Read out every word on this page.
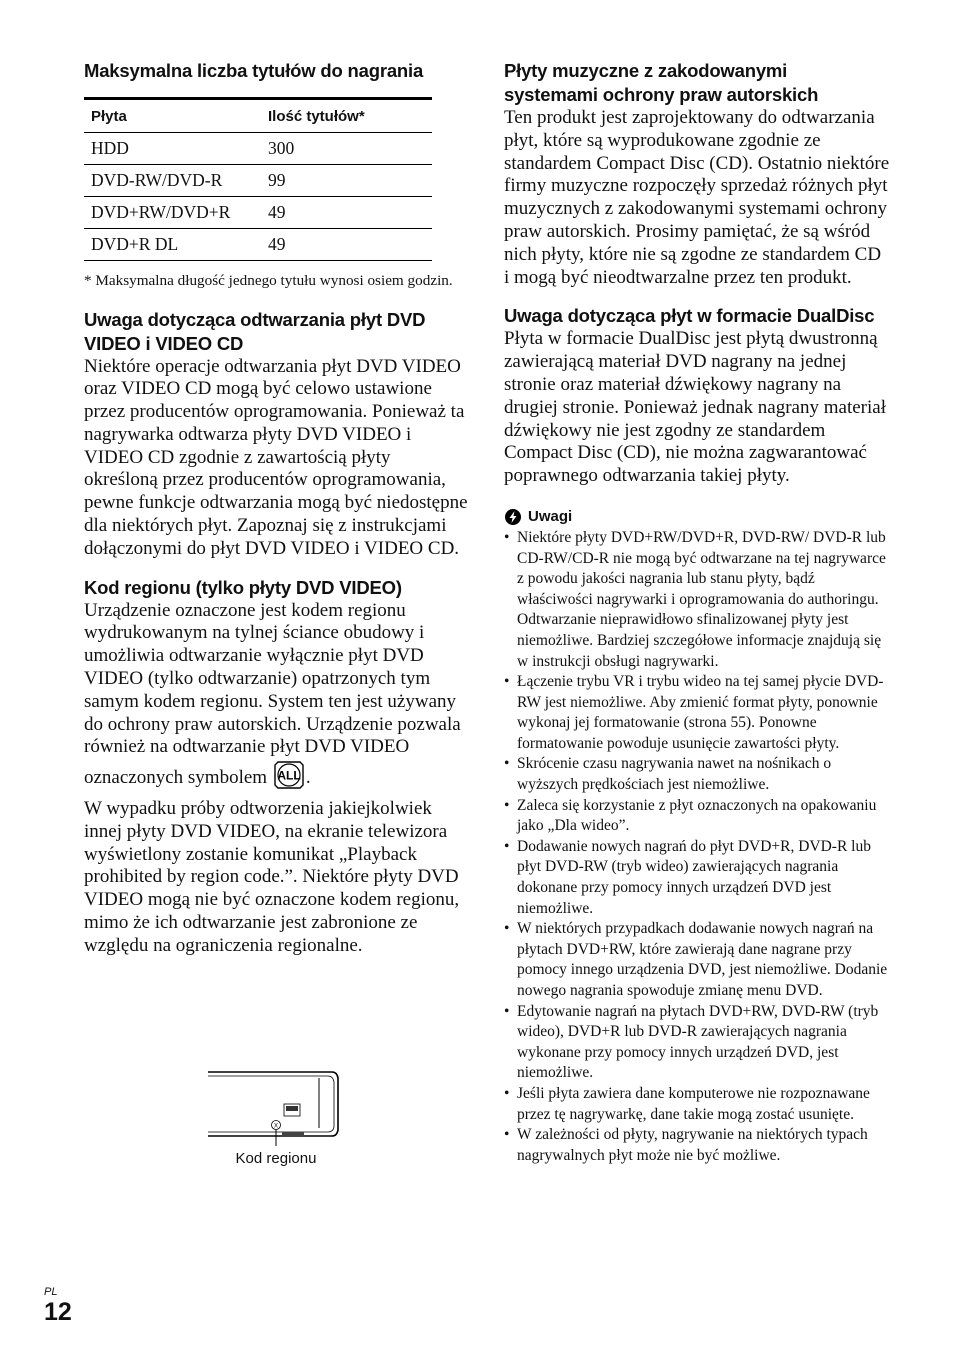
Maksymalna liczba tytułów do nagrania
Płyta	Ilość tytułów*
HDD	300
DVD-RW/DVD-R	99
DVD+RW/DVD+R	49
DVD+R DL	49

* Maksymalna długość jednego tytułu wynosi osiem godzin.

Uwaga dotycząca odtwarzania płyt DVD VIDEO i VIDEO CD

Niektóre operacje odtwarzania płyt DVD VIDEO oraz VIDEO CD mogą być celowo ustawione przez producentów oprogramowania. Ponieważ ta nagrywarka odtwarza płyty DVD VIDEO i VIDEO CD zgodnie z zawartością płyty określoną przez producentów oprogramowania, pewne funkcje odtwarzania mogą być niedostępne dla niektórych płyt. Zapoznaj się z instrukcjami dołączonymi do płyt DVD VIDEO i VIDEO CD.

Kod regionu (tylko płyty DVD VIDEO)

Urządzenie oznaczone jest kodem regionu wydrukowanym na tylnej ściance obudowy i umożliwia odtwarzanie wyłącznie płyt DVD VIDEO (tylko odtwarzanie) opatrzonych tym samym kodem regionu. System ten jest używany do ochrony praw autorskich. Urządzenie pozwala również na odtwarzanie płyt DVD VIDEO oznaczonych symbolem ALL .
W wypadku próby odtworzenia jakiejkolwiek innej płyty DVD VIDEO, na ekranie telewizora wyświetlony zostanie komunikat „Playback prohibited by region code.”. Niektóre płyty DVD VIDEO mogą nie być oznaczone kodem regionu, mimo że ich odtwarzanie jest zabronione ze względu na ograniczenia regionalne.

X
Kod regionu
Płyty muzyczne z zakodowanymi systemami ochrony praw autorskich

Ten produkt jest zaprojektowany do odtwarzania płyt, które są wyprodukowane zgodnie ze standardem Compact Disc (CD). Ostatnio niektóre firmy muzyczne rozpoczęły sprzedaż różnych płyt muzycznych z zakodowanymi systemami ochrony praw autorskich. Prosimy pamiętać, że są wśród nich płyty, które nie są zgodne ze standardem CD i mogą być nieodtwarzalne przez ten produkt.

Uwaga dotycząca płyt w formacie DualDisc

Płyta w formacie DualDisc jest płytą dwustronną zawierającą materiał DVD nagrany na jednej stronie oraz materiał dźwiękowy nagrany na drugiej stronie. Ponieważ jednak nagrany materiał dźwiękowy nie jest zgodny ze standardem Compact Disc (CD), nie można zagwarantować poprawnego odtwarzania takiej płyty.

Uwagi
• Niektóre płyty DVD+RW/DVD+R, DVD-RW/ DVD-R lub CD-RW/CD-R nie mogą być odtwarzane na tej nagrywarce z powodu jakości nagrania lub stanu płyty, bądź właściwości nagrywarki i oprogramowania do authoringu. Odtwarzanie nieprawidłowo sfinalizowanej płyty jest niemożliwe. Bardziej szczegółowe informacje znajdują się w instrukcji obsługi nagrywarki.
• Łączenie trybu VR i trybu wideo na tej samej płycie DVD-RW jest niemożliwe. Aby zmienić format płyty, ponownie wykonaj jej formatowanie (strona 55). Ponowne formatowanie powoduje usunięcie zawartości płyty.
• Skrócenie czasu nagrywania nawet na nośnikach o wyższych prędkościach jest niemożliwe.
• Zaleca się korzystanie z płyt oznaczonych na opakowaniu jako „Dla wideo”.
• Dodawanie nowych nagrań do płyt DVD+R, DVD-R lub płyt DVD-RW (tryb wideo) zawierających nagrania dokonane przy pomocy innych urządzeń DVD jest niemożliwe.
• W niektórych przypadkach dodawanie nowych nagrań na płytach DVD+RW, które zawierają dane nagrane przy pomocy innego urządzenia DVD, jest niemożliwe. Dodanie nowego nagrania spowoduje zmianę menu DVD.
• Edytowanie nagrań na płytach DVD+RW, DVD-RW (tryb wideo), DVD+R lub DVD-R zawierających nagrania wykonane przy pomocy innych urządzeń DVD, jest niemożliwe.
• Jeśli płyta zawiera dane komputerowe nie rozpoznawane przez tę nagrywarkę, dane takie mogą zostać usunięte.
• W zależności od płyty, nagrywanie na niektórych typach nagrywalnych płyt może nie być możliwe.
PL
12
